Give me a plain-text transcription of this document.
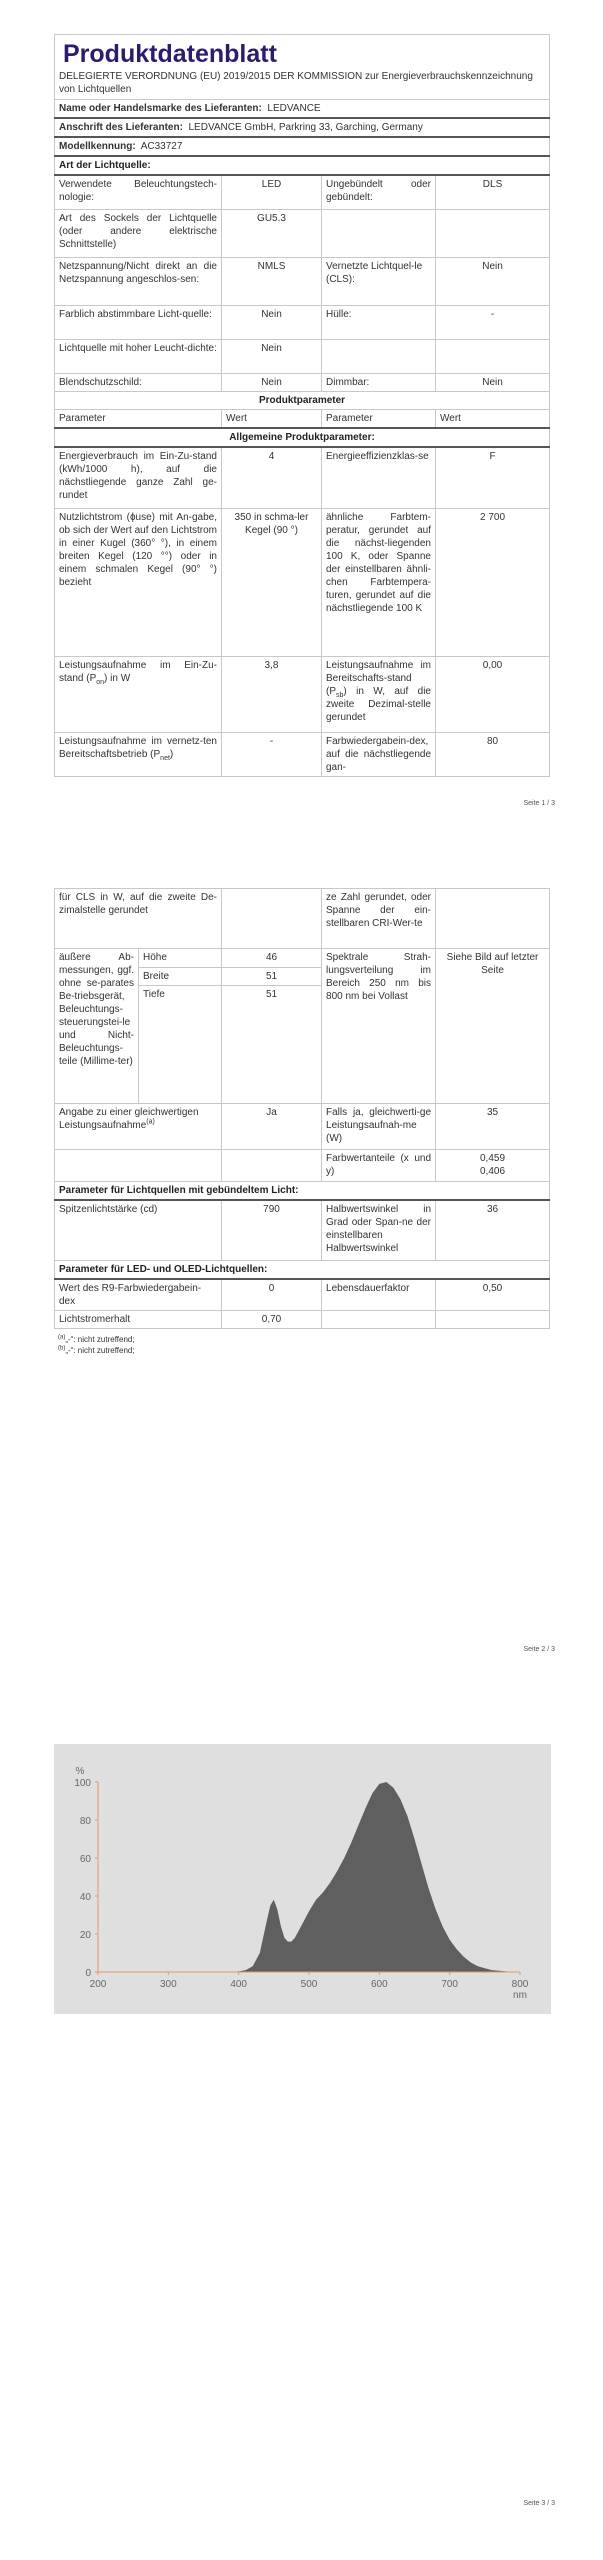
Produktdatenblatt
DELEGIERTE VERORDNUNG (EU) 2019/2015 DER KOMMISSION zur Energieverbrauchskennzeichnung von Lichtquellen			

Name oder Handelsmarke des Lieferanten: LEDVANCE			
Anschrift des Lieferanten: LEDVANCE GmbH, Parkring 33, Garching, Germany			
Modellkennung: AC33727			
Art der Lichtquelle:			
Verwendete Beleuchtungstech-nologie:	LED	Ungebündelt oder gebündelt:	DLS
Art des Sockels der Lichtquelle (oder andere elektrische Schnittstelle)	GU5.3		
Netzspannung/Nicht direkt an die Netzspannung angeschlos-sen:	NMLS	Vernetzte Lichtquel-le (CLS):	Nein
Farblich abstimmbare Licht-quelle:	Nein	Hülle:	-
Lichtquelle mit hoher Leucht-dichte:	Nein		
Blendschutzschild:	Nein	Dimmbar:	Nein
Produktparameter			
Parameter	Wert	Parameter	Wert
Allgemeine Produktparameter:			
Energieverbrauch im Ein-Zu-stand (kWh/1000 h), auf die nächstliegende ganze Zahl ge-rundet	4	Energieeffizienzklas-se	F
Nutzlichtstrom (ɸuse) mit An-gabe, ob sich der Wert auf den Lichtstrom in einer Kugel (360° °), in einem breiten Kegel (120 °°) oder in einem schmalen Kegel (90° °) bezieht	350 in schma-ler Kegel (90 °)	ähnliche Farbtem-peratur, gerundet auf die nächst-liegenden 100 K, oder Spanne der einstellbaren ähnli-chen Farbtempera-turen, gerundet auf die nächstliegende 100 K	2 700
Leistungsaufnahme im Ein-Zu-stand $(P_{on})$ in W	3,8	Leistungsaufnahme im Bereitschafts-stand $(P_{sb})$ in W, auf die zweite Dezimal-stelle gerundet	0,00
Leistungsaufnahme im vernetz-ten Bereitschaftsbetrieb $(P_{net})$	-	Farbwiedergabein-dex, auf die nächstliegende gan-	80
Seite 1 / 3
für CLS in W, auf die zweite De-zimalstelle gerundet			ze Zahl gerundet, oder Spanne der ein-stellbaren CRI-Wer-te	
äußere Ab-messungen, ggf. ohne se-parates Be-triebsgerät, Beleuchtungs-steuerungstei-le und Nicht-Beleuchtungs-teile (Millime-ter)	Höhe	46	Spektrale Strah-lungsverteilung im Bereich 250 nm bis 800 nm bei Vollast	Siehe Bild auf letzter Seite
	Breite	51		
	Tiefe	51		
Angabe zu einer gleichwertigen Leistungsaufnahme$^{(a)}$		Ja	Falls ja, gleichwerti-ge Leistungsaufnah-me (W)	35
			Farbwertanteile (x und y)	0,459
0,406

Parameter für Lichtquellen mit gebündeltem Licht:				
Spitzenlichtstärke (cd)		790	Halbwertswinkel in Grad oder Span-ne der einstellbaren Halbwertswinkel	36
Parameter für LED- und OLED-Lichtquellen:				
Wert des R9-Farbwiedergabein-dex		0	Lebensdauerfaktor	0,50
Lichtstromerhalt		0,70		
$^{(a)}$„-“: nicht zutreffend;
$^{(b)}$„-“: nicht zutreffend;
Seite 2 / 3
0
20
40
60
80
100
200	300	400	500	600	700	800
%
nm
Seite 3 / 3
